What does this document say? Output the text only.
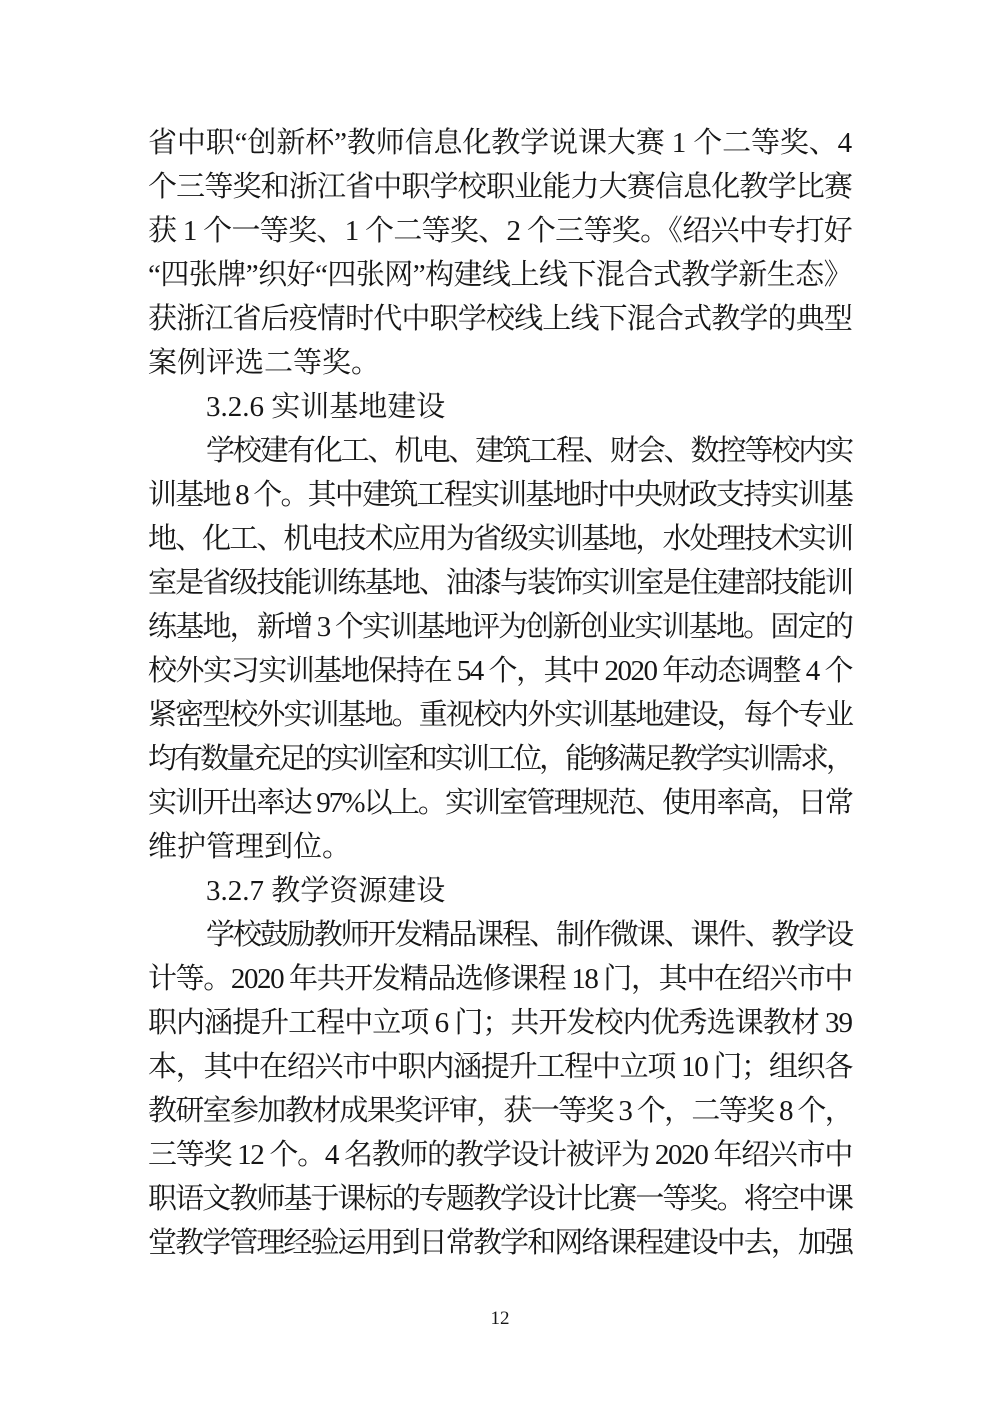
省中职“创新杯”教师信息化教学说课大赛 1 个二等奖、4
个三等奖和浙江省中职学校职业能力大赛信息化教学比赛
获 1 个一等奖、1 个二等奖、2 个三等奖。《绍兴中专打好
“四张牌”织好“四张网”构建线上线下混合式教学新生态》
获浙江省后疫情时代中职学校线上线下混合式教学的典型
案例评选二等奖。
3.2.6 实训基地建设
学校建有化工、机电、建筑工程、财会、数控等校内实
训基地 8 个。其中建筑工程实训基地时中央财政支持实训基
地、化工、机电技术应用为省级实训基地，水处理技术实训
室是省级技能训练基地、油漆与装饰实训室是住建部技能训
练基地，新增 3 个实训基地评为创新创业实训基地。固定的
校外实习实训基地保持在 54 个，其中 2020 年动态调整 4 个
紧密型校外实训基地。重视校内外实训基地建设，每个专业
均有数量充足的实训室和实训工位，能够满足教学实训需求，
实训开出率达 97%以上。实训室管理规范、使用率高，日常
维护管理到位。
3.2.7 教学资源建设
学校鼓励教师开发精品课程、制作微课、课件、教学设
计等。2020 年共开发精品选修课程 18 门，其中在绍兴市中
职内涵提升工程中立项 6 门；共开发校内优秀选课教材 39
本，其中在绍兴市中职内涵提升工程中立项 10 门；组织各
教研室参加教材成果奖评审，获一等奖 3 个，二等奖 8 个，
三等奖 12 个。4 名教师的教学设计被评为 2020 年绍兴市中
职语文教师基于课标的专题教学设计比赛一等奖。将空中课
堂教学管理经验运用到日常教学和网络课程建设中去，加强
12
